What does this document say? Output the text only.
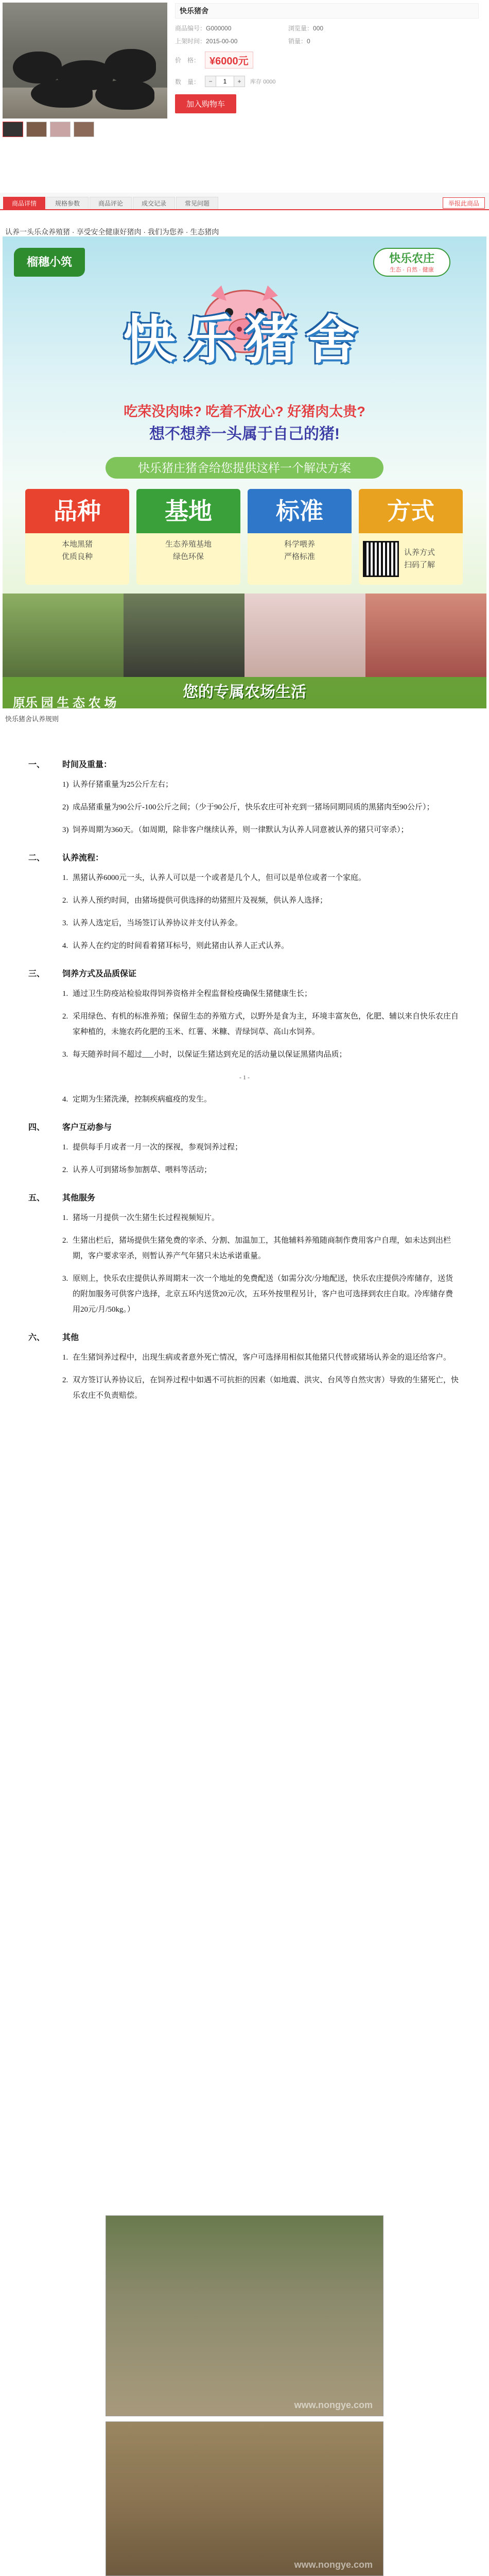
快乐猪舍
商品编号：G000000	浏览量：000
上架时间：2015-00-00	销量：0
价　格： ¥6000元
数　量：	−
1	+	库存 0000
加入购物车
商品详情	规格参数	商品评论	成交记录	常见问题	举报此商品
认养一头乐众养殖猪 · 享受安全健康好猪肉 · 我们为您养 · 生态猪肉
榴穗小筑	快乐农庄
生态 · 自然 · 健康
快乐猪舍
吃荣没肉味? 吃着不放心? 好猪肉太贵?
想不想养一头属于自己的猪!
快乐猪庄猪舍给您提供这样一个解决方案
品种

本地黑猪

优质良种

基地

生态养殖基地

绿色环保

标准

科学喂养

严格标准

方式

认养方式

扫码了解

您的专属农场生活
原乐 园 生 态 农 场
快乐猪舍认养规则
一、 时间及重量：
1) 认养仔猪重量为25公斤左右；
2) 成品猪重量为90公斤-100公斤之间；（少于90公斤，快乐农庄可补充到一猪场同期同质的黑猪肉至90公斤）；
3) 饲养周期为360天。（如周期，除非客户继续认养，则一律默认为认养人同意被认养的猪只可宰杀）；
二、 认养流程：
1. 黑猪认养6000元一头，认养人可以是一个或者是几个人，但可以是单位或者一个家庭。
2. 认养人预约时间，由猪场提供可供选择的幼猪照片及视频，供认养人选择；
3. 认养人选定后，当场签订认养协议并支付认养金。
4. 认养人在约定的时间看着猪耳标号，则此猪由认养人正式认养。
三、 饲养方式及品质保证
1. 通过卫生防疫站检验取得饲养资格并全程监督检疫确保生猪健康生长；
2. 采用绿色、有机的标准养殖；保留生态的养殖方式，以野外是食为主，环境丰富灰色，化肥、辅以来自快乐农庄自家种植的，未施农药化肥的玉米、红薯、米糠、青绿饲草、高山水饲养。
3. 每天随养时间不超过___小时，以保证生猪达到充足的活动量以保证黑猪肉品质；
- 1 -
4. 定期为生猪洗澡，控制疾病瘟疫的发生。
四、 客户互动参与
1. 提供每手月或者一月一次的探视，参观饲养过程；
2. 认养人可到猪场参加割草、喂料等活动；
五、 其他服务
1. 猪场一月提供一次生猪生长过程视频短片。
2. 生猪出栏后，猪场提供生猪免费的宰杀、分割、加温加工，其他辅料养殖随商制作费用客户自理，如未达到出栏期，客户要求宰杀，则暂认养产气年猪只未达承诺重量。
3. 原则上，快乐农庄提供认养周期末一次一个地址的免费配送（如需分次/分地配送，快乐农庄提供冷库储存，送货的附加服务可供客户选择，北京五环内送货20元/次，五环外按里程另计，客户也可选择到农庄自取。冷库储存费用20元/月/50kg。）
六、 其他
1. 在生猪饲养过程中，出现生病或者意外死亡情况，客户可选择用相似其他猪只代替或猪场认养金的退还给客户。
2. 双方签订认养协议后，在饲养过程中如遇不可抗拒的因素（如地震、洪灾、台风等自然灾害）导致的生猪死亡，快乐农庄不负责赔偿。
www.nongye.com
www.nongye.com
